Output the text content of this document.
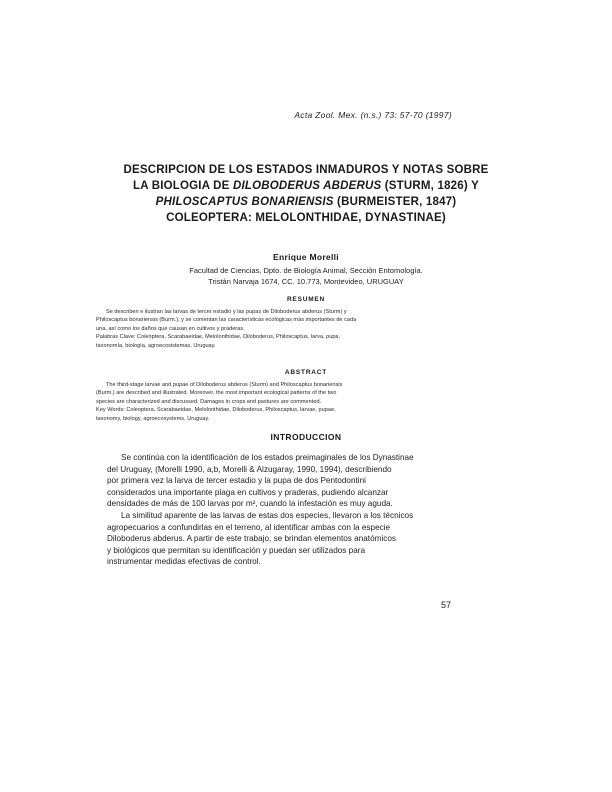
Acta Zool. Mex. (n.s.) 73: 57-70 (1997)
DESCRIPCION DE LOS ESTADOS INMADUROS Y NOTAS SOBRE
LA BIOLOGIA DE DILOBODERUS ABDERUS (STURM, 1826) Y
PHILOSCAPTUS BONARIENSIS (BURMEISTER, 1847)
COLEOPTERA: MELOLONTHIDAE, DYNASTINAE)
Enrique Morelli
Facultad de Ciencias, Dpto. de Biología Animal, Sección Entomología.
Tristán Narvaja 1674, CC. 10.773, Montevideo, URUGUAY
RESUMEN
Se describen e ilustran las larvas de tercer estadio y las pupas de Diloboderus abderus (Sturm) y
Philoscaptus bonariensis (Burm.), y se comentan las características ecológicas más importantes de cada
una, así como los daños que causan en cultivos y praderas.
Palabras Clave: Coleóptera, Scarabaeidae, Melolonthidae, Diloboderus, Philoscaptus, larva, pupa,
taxonomía, biología, agroecosistemas, Uruguay.
ABSTRACT
The third-stage larvae and pupae of Diloboderus abderus (Sturm) and Philoscaptus bonariensis
(Burm.) are described and illustrated. Moreover, the most important ecological patterns of the two
species are characterized and discussed. Damages in crops and pastures are commented.
Key Words: Coleoptera, Scarabaeidae, Melolonthidae, Diloboderus, Philoscaptus, larvae, pupae,
taxonomy, biology, agroecosystems, Uruguay.
INTRODUCCION
Se continúa con la identificación de los estados preimaginales de los Dynastinae
del Uruguay, (Morelli 1990, a,b, Morelli & Alzugaray, 1990, 1994), describiendo
por primera vez la larva de tercer estadio y la pupa de dos Pentodontini
considerados una importante plaga en cultivos y praderas, pudiendo alcanzar
densidades de más de 100 larvas por m², cuando la infestación es muy aguda.
La similitud aparente de las larvas de estas dos especies, llevaron a los técnicos
agropecuarios a confundirlas en el terreno, al identificar ambas con la especie
Diloboderus abderus. A partir de este trabajo, se brindan elementos anatómicos
y biológicos que permitan su identificación y puedan ser utilizados para
instrumentar medidas efectivas de control.
57
